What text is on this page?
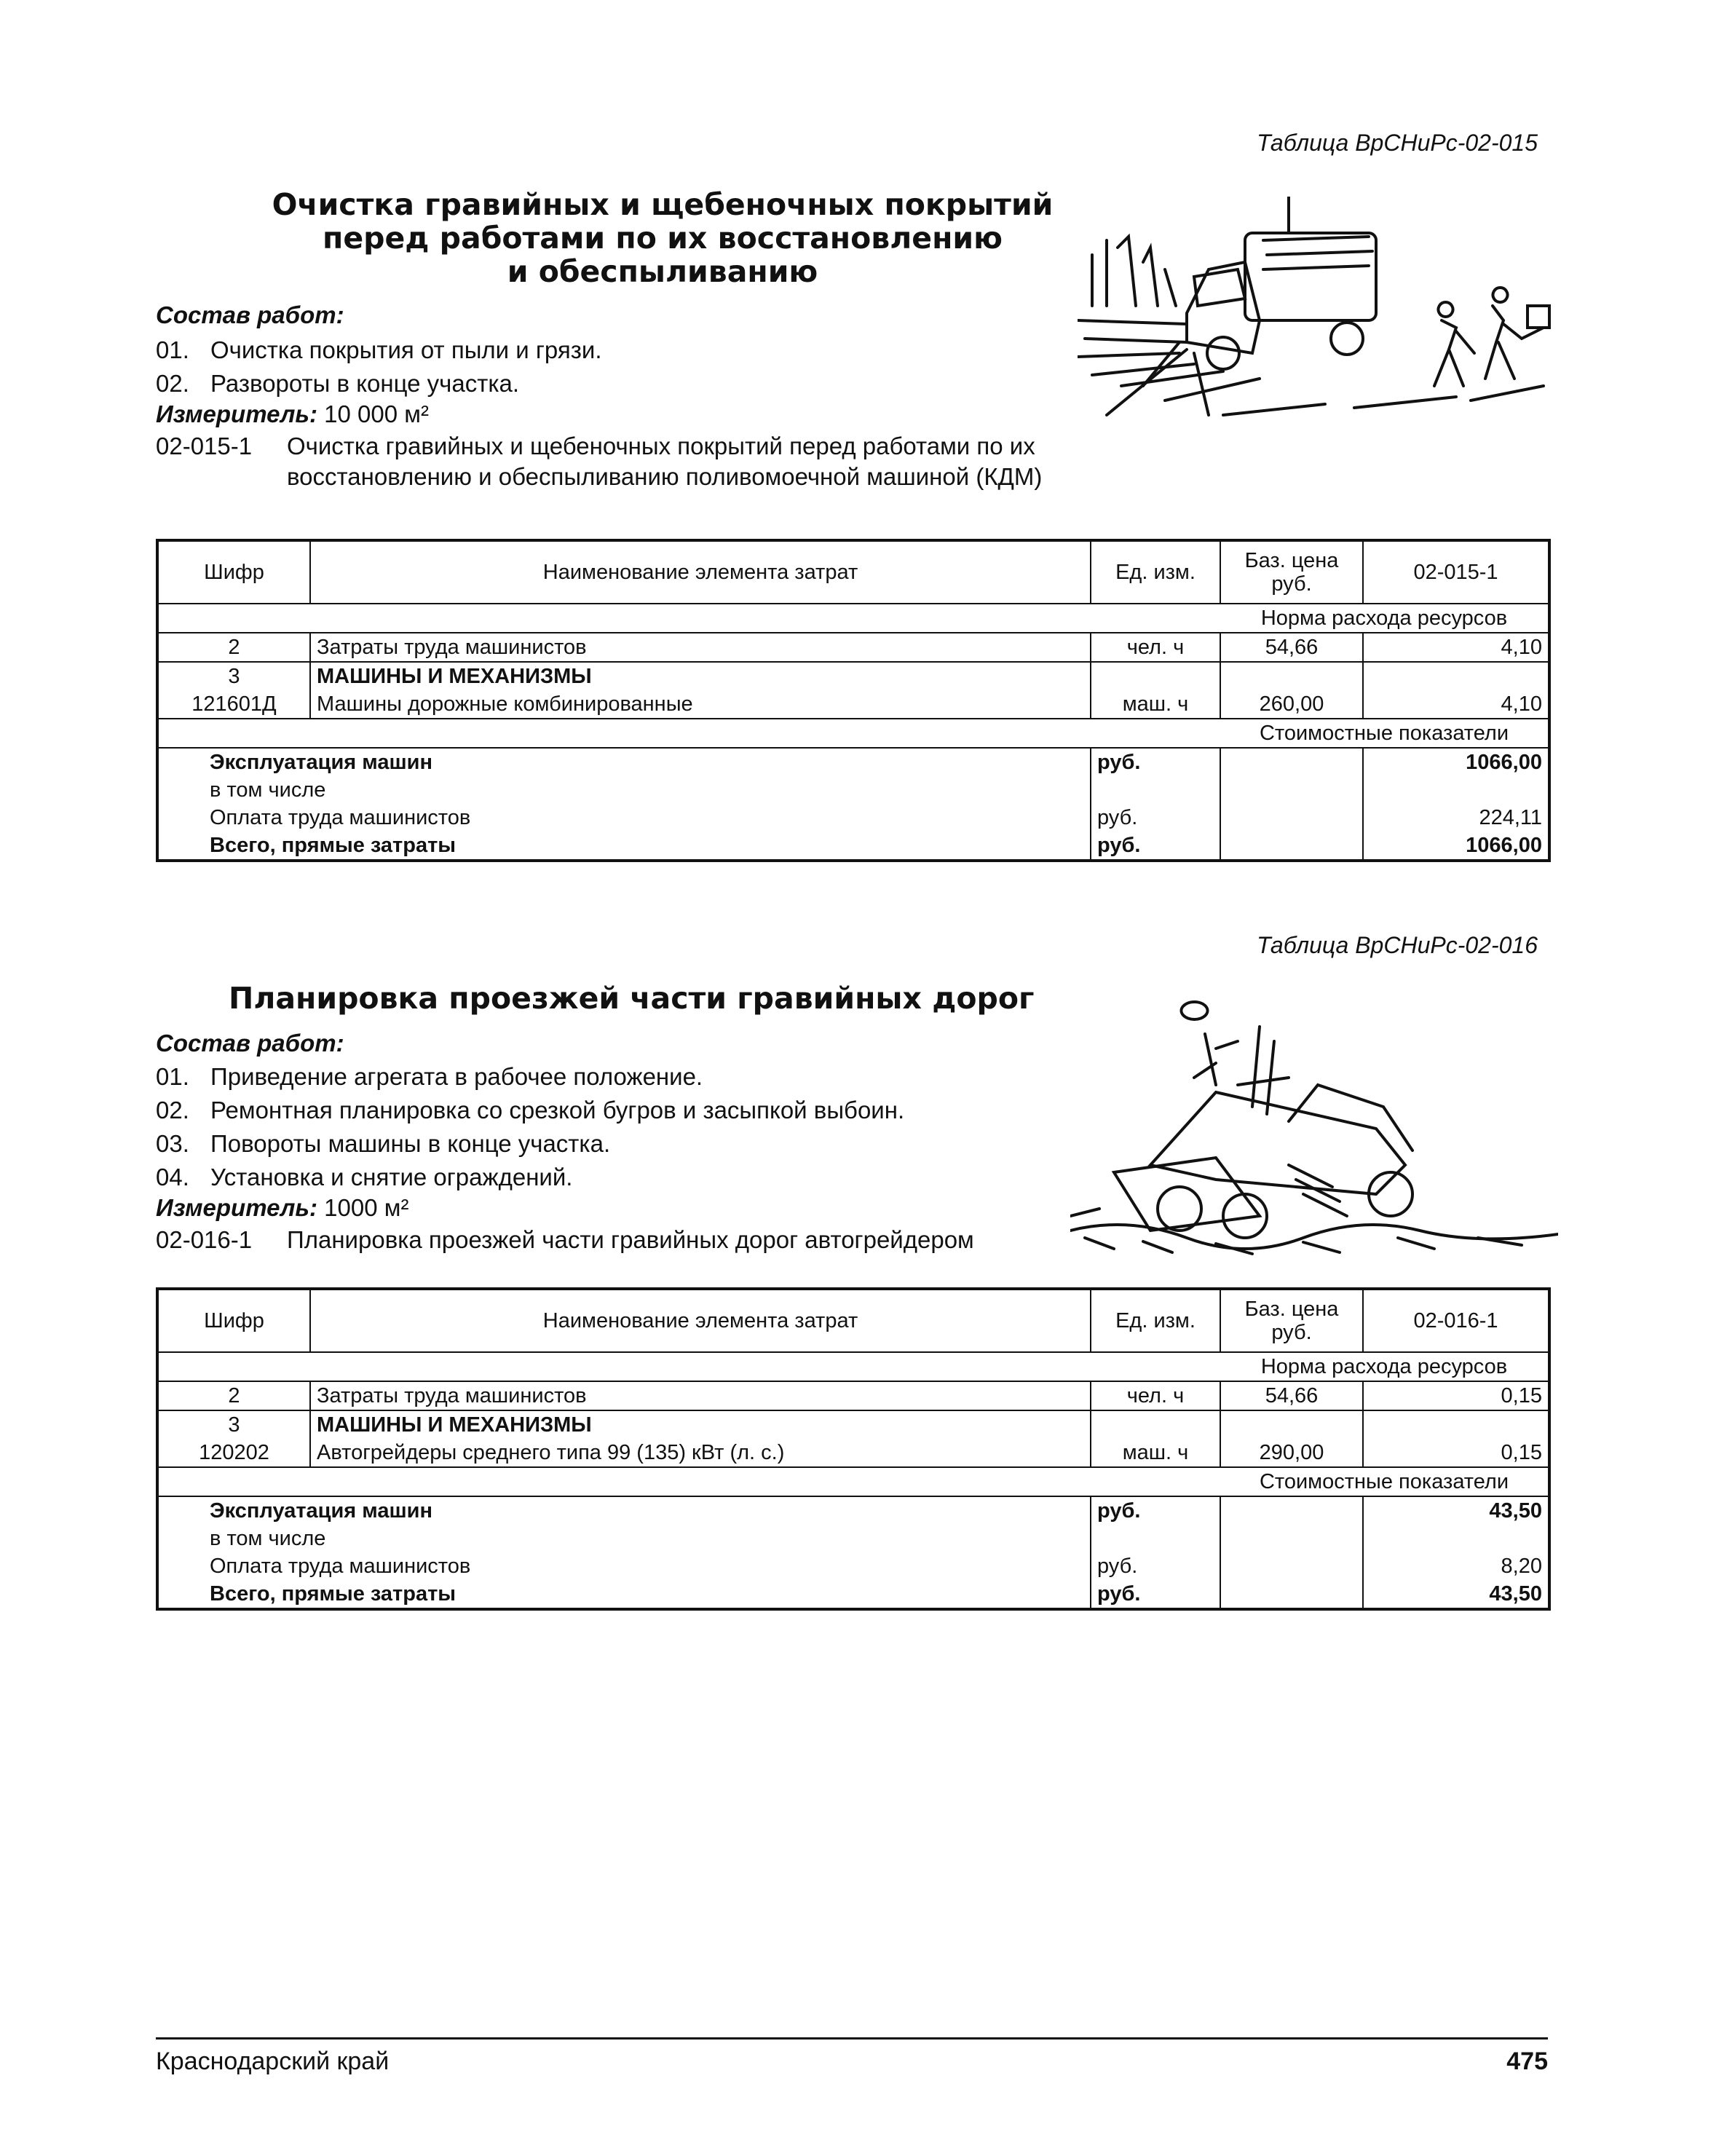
Таблица ВрСНиРс-02-015
Очистка гравийных и щебеночных покрытий
перед работами по их восстановлению
и обеспыливанию
Состав работ:
01. Очистка покрытия от пыли и грязи.
02. Развороты в конце участка.
Измеритель: 10 000 м²
02-015-1	Очистка гравийных и щебеночных покрытий перед работами по их восстановлению и обеспыливанию поливомоечной машиной (КДМ)
Шифр	Наименование элемента затрат	Ед. изм.	Баз. цена руб.	02-015-1
			Норма расхода ресурсов	
2	Затраты труда машинистов	чел. ч	54,66	4,10
3	МАШИНЫ И МЕХАНИЗМЫ			
121601Д	Машины дорожные комбинированные	маш. ч	260,00	4,10
			Стоимостные показатели	
Эксплуатация машин		руб.		1066,00
в том числе				
Оплата труда машинистов		руб.		224,11
Всего, прямые затраты		руб.		1066,00
Таблица ВрСНиРс-02-016
Планировка проезжей части гравийных дорог
Состав работ:
01. Приведение агрегата в рабочее положение.
02. Ремонтная планировка со срезкой бугров и засыпкой выбоин.
03. Повороты машины в конце участка.
04. Установка и снятие ограждений.
Измеритель: 1000 м²
02-016-1	Планировка проезжей части гравийных дорог автогрейдером
Шифр	Наименование элемента затрат	Ед. изм.	Баз. цена руб.	02-016-1
			Норма расхода ресурсов	
2	Затраты труда машинистов	чел. ч	54,66	0,15
3	МАШИНЫ И МЕХАНИЗМЫ			
120202	Автогрейдеры среднего типа 99 (135) кВт (л. с.)	маш. ч	290,00	0,15
			Стоимостные показатели	
Эксплуатация машин		руб.		43,50
в том числе				
Оплата труда машинистов		руб.		8,20
Всего, прямые затраты		руб.		43,50
Краснодарский край	475
